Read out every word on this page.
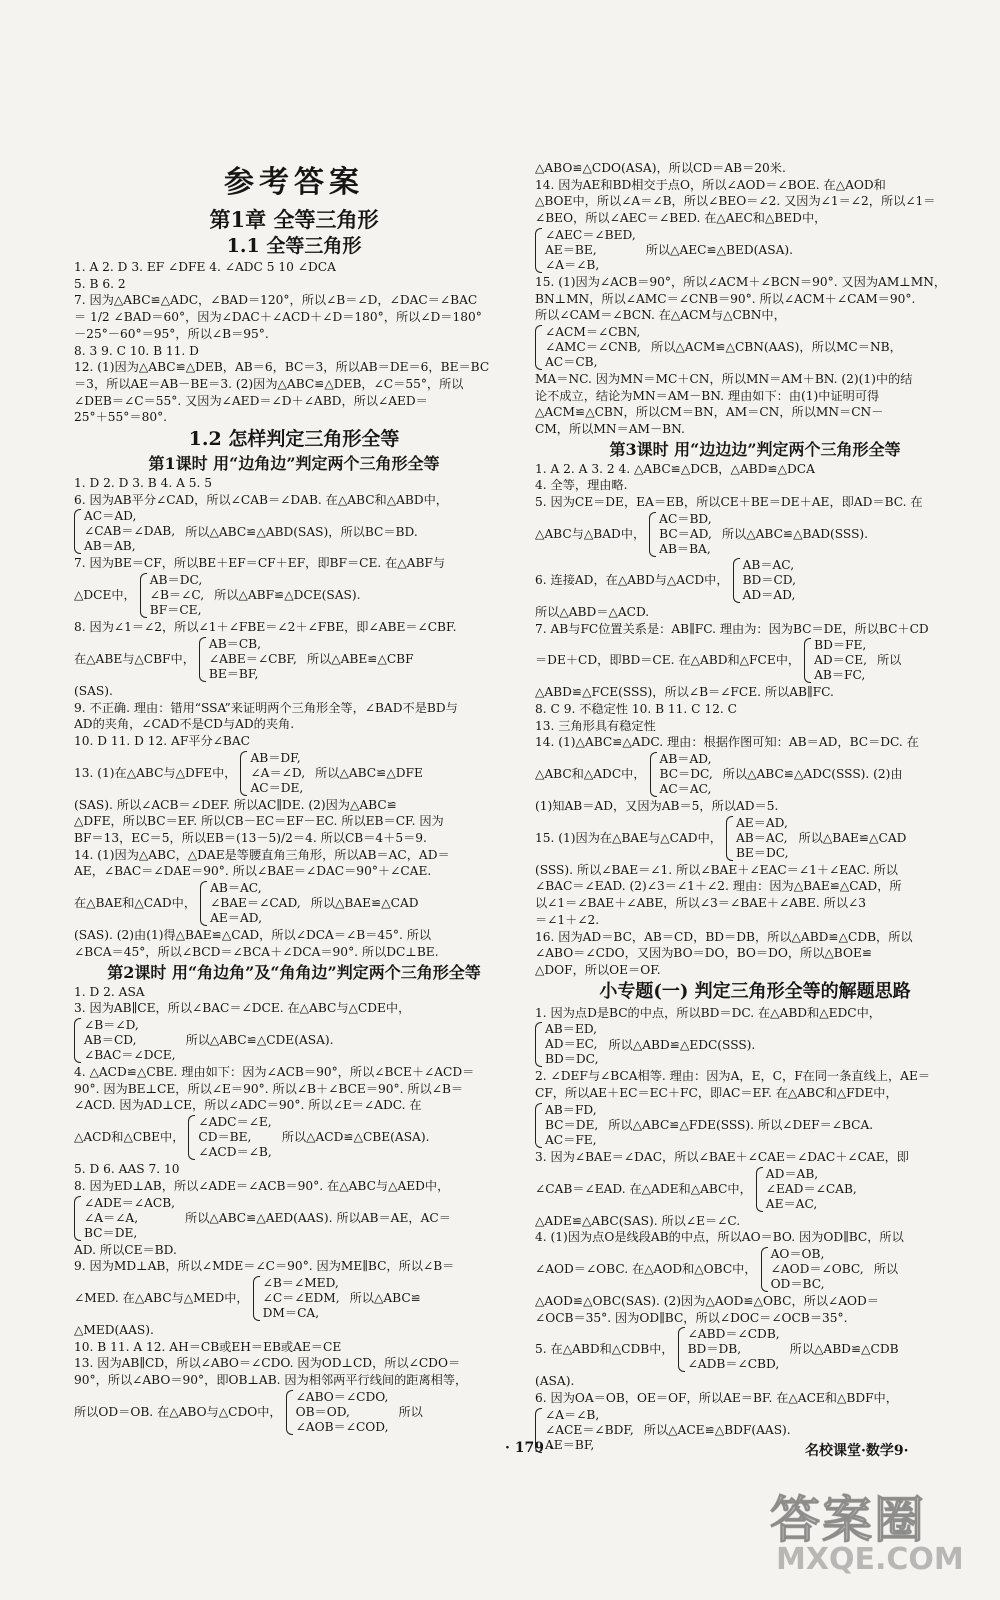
参考答案
第1章 全等三角形
1.1 全等三角形
1. A 2. D 3. EF ∠DFE 4. ∠ADC 5 10 ∠DCA
5. B 6. 2
7. 因为△ABC≌△ADC，∠BAD＝120°，所以∠B＝∠D，∠DAC＝∠BAC
＝ 1/2 ∠BAD＝60°，因为∠DAC＋∠ACD＋∠D＝180°，所以∠D＝180°
－25°－60°＝95°，所以∠B＝95°.
8. 3 9. C 10. B 11. D
12. (1)因为△ABC≌△DEB，AB＝6，BC＝3，所以AB＝DE＝6，BE＝BC
＝3，所以AE＝AB－BE＝3. (2)因为△ABC≌△DEB，∠C＝55°，所以
∠DEB＝∠C＝55°. 又因为∠AED＝∠D＋∠ABD，所以∠AED＝
25°＋55°＝80°.
1.2 怎样判定三角形全等
第1课时 用“边角边”判定两个三角形全等
1. D 2. D 3. B 4. A 5. 5
6. 因为AB平分∠CAD，所以∠CAB＝∠DAB. 在△ABC和△ABD中，
AC＝AD,
∠CAB＝∠DAB,
AB＝AB,
所以△ABC≌△ABD(SAS)，所以BC＝BD.
7. 因为BE＝CF，所以BE＋EF＝CF＋EF，即BF＝CE. 在△ABF与
△DCE中，
AB＝DC,
∠B＝∠C,
BF＝CE,
所以△ABF≌△DCE(SAS).
8. 因为∠1＝∠2，所以∠1＋∠FBE＝∠2＋∠FBE，即∠ABE＝∠CBF.
在△ABE与△CBF中，
AB＝CB,
∠ABE＝∠CBF,
BE＝BF,
所以△ABE≌△CBF
(SAS).
9. 不正确. 理由：错用“SSA”来证明两个三角形全等，∠BAD不是BD与
AD的夹角，∠CAD不是CD与AD的夹角.
10. D 11. D 12. AF平分∠BAC
13. (1)在△ABC与△DFE中，
AB＝DF,
∠A＝∠D,
AC＝DE,
所以△ABC≌△DFE
(SAS). 所以∠ACB＝∠DEF. 所以AC∥DE. (2)因为△ABC≌
△DFE，所以BC＝EF. 所以CB－EC＝EF－EC. 所以EB＝CF. 因为
BF＝13，EC＝5，所以EB＝(13－5)/2＝4. 所以CB＝4＋5＝9.
14. (1)因为△ABC，△DAE是等腰直角三角形，所以AB＝AC，AD＝
AE，∠BAC＝∠DAE＝90°. 所以∠BAE＝∠DAC＝90°＋∠CAE.
在△BAE和△CAD中，
AB＝AC,
∠BAE＝∠CAD,
AE＝AD,
所以△BAE≌△CAD
(SAS). (2)由(1)得△BAE≌△CAD，所以∠DCA＝∠B＝45°. 所以
∠BCA＝45°，所以∠BCD＝∠BCA＋∠DCA＝90°. 所以DC⊥BE.
第2课时 用“角边角”及“角角边”判定两个三角形全等
1. D 2. ASA
3. 因为AB∥CE，所以∠BAC＝∠DCE. 在△ABC与△CDE中，
∠B＝∠D,
AB＝CD,
∠BAC＝∠DCE,
所以△ABC≌△CDE(ASA).
4. △ACD≌△CBE. 理由如下：因为∠ACB＝90°，所以∠BCE＋∠ACD＝
90°. 因为BE⊥CE，所以∠E＝90°. 所以∠B＋∠BCE＝90°. 所以∠B＝
∠ACD. 因为AD⊥CE，所以∠ADC＝90°. 所以∠E＝∠ADC. 在
△ACD和△CBE中，
∠ADC＝∠E,
CD＝BE,
∠ACD＝∠B,
所以△ACD≌△CBE(ASA).
5. D 6. AAS 7. 10
8. 因为ED⊥AB，所以∠ADE＝∠ACB＝90°. 在△ABC与△AED中，
∠ADE＝∠ACB,
∠A＝∠A,
BC＝DE,
所以△ABC≌△AED(AAS). 所以AB＝AE，AC＝
AD. 所以CE＝BD.
9. 因为MD⊥AB，所以∠MDE＝∠C＝90°. 因为ME∥BC，所以∠B＝
∠MED. 在△ABC与△MED中，
∠B＝∠MED,
∠C＝∠EDM,
DM＝CA,
所以△ABC≌
△MED(AAS).
10. B 11. A 12. AH＝CB或EH＝EB或AE＝CE
13. 因为AB∥CD，所以∠ABO＝∠CDO. 因为OD⊥CD，所以∠CDO＝
90°，所以∠ABO＝90°，即OB⊥AB. 因为相邻两平行线间的距离相等，
所以OD＝OB. 在△ABO与△CDO中，
∠ABO＝∠CDO,
OB＝OD,
∠AOB＝∠COD,
所以
△ABO≌△CDO(ASA)，所以CD＝AB＝20米.
14. 因为AE和BD相交于点O，所以∠AOD＝∠BOE. 在△AOD和
△BOE中，所以∠A＝∠B，所以∠BEO＝∠2. 又因为∠1＝∠2，所以∠1＝
∠BEO，所以∠AEC＝∠BED. 在△AEC和△BED中，
∠AEC＝∠BED,
AE＝BE,
∠A＝∠B,
所以△AEC≌△BED(ASA).
15. (1)因为∠ACB＝90°，所以∠ACM＋∠BCN＝90°. 又因为AM⊥MN，
BN⊥MN，所以∠AMC＝∠CNB＝90°. 所以∠ACM＋∠CAM＝90°.
所以∠CAM＝∠BCN. 在△ACM与△CBN中，
∠ACM＝∠CBN,
∠AMC＝∠CNB,
AC＝CB,
所以△ACM≌△CBN(AAS)，所以MC＝NB，
MA＝NC. 因为MN＝MC＋CN，所以MN＝AM＋BN. (2)(1)中的结
论不成立，结论为MN＝AM－BN. 理由如下：由(1)中证明可得
△ACM≌△CBN，所以CM＝BN，AM＝CN，所以MN＝CN－
CM，所以MN＝AM－BN.
第3课时 用“边边边”判定两个三角形全等
1. A 2. A 3. 2 4. △ABC≌△DCB，△ABD≌△DCA
4. 全等，理由略.
5. 因为CE＝DE，EA＝EB，所以CE＋BE＝DE＋AE，即AD＝BC. 在
△ABC与△BAD中，
AC＝BD,
BC＝AD,
AB＝BA,
所以△ABC≌△BAD(SSS).
6. 连接AD，在△ABD与△ACD中，
AB＝AC,
BD＝CD,
AD＝AD,
所以△ABD＝△ACD.
7. AB与FC位置关系是：AB∥FC. 理由为：因为BC＝DE，所以BC＋CD
＝DE＋CD，即BD＝CE. 在△ABD和△FCE中，
BD＝FE,
AD＝CE,
AB＝FC,
所以
△ABD≌△FCE(SSS)，所以∠B＝∠FCE. 所以AB∥FC.
8. C 9. 不稳定性 10. B 11. C 12. C
13. 三角形具有稳定性
14. (1)△ABC≌△ADC. 理由：根据作图可知：AB＝AD，BC＝DC. 在
△ABC和△ADC中，
AB＝AD,
BC＝DC,
AC＝AC,
所以△ABC≌△ADC(SSS). (2)由
(1)知AB＝AD，又因为AB＝5，所以AD＝5.
15. (1)因为在△BAE与△CAD中，
AE＝AD,
AB＝AC,
BE＝DC,
所以△BAE≌△CAD
(SSS). 所以∠BAE＝∠1. 所以∠BAE＋∠EAC＝∠1＋∠EAC. 所以
∠BAC＝∠EAD. (2)∠3＝∠1＋∠2. 理由：因为△BAE≌△CAD，所
以∠1＝∠BAE＋∠ABE，所以∠3＝∠BAE＋∠ABE. 所以∠3
＝∠1＋∠2.
16. 因为AD＝BC，AB＝CD，BD＝DB，所以△ABD≌△CDB，所以
∠ABO＝∠CDO，又因为BO＝DO，BO＝DO，所以△BOE≌
△DOF，所以OE＝OF.
小专题(一) 判定三角形全等的解题思路
1. 因为点D是BC的中点，所以BD＝DC. 在△ABD和△EDC中，
AB＝ED,
AD＝EC,
BD＝DC,
所以△ABD≌△EDC(SSS).
2. ∠DEF与∠BCA相等. 理由：因为A，E，C，F在同一条直线上，AE＝
CF，所以AE＋EC＝EC＋FC，即AC＝EF. 在△ABC和△FDE中，
AB＝FD,
BC＝DE,
AC＝FE,
所以△ABC≌△FDE(SSS). 所以∠DEF＝∠BCA.
3. 因为∠BAE＝∠DAC，所以∠BAE＋∠CAE＝∠DAC＋∠CAE，即
∠CAB＝∠EAD. 在△ADE和△ABC中，
AD＝AB,
∠EAD＝∠CAB,
AE＝AC,
△ADE≌△ABC(SAS). 所以∠E＝∠C.
4. (1)因为点O是线段AB的中点，所以AO＝BO. 因为OD∥BC，所以
∠AOD＝∠OBC. 在△AOD和△OBC中，
AO＝OB,
∠AOD＝∠OBC,
OD＝BC,
所以
△AOD≌△OBC(SAS). (2)因为△AOD≌△OBC，所以∠AOD＝
∠OCB＝35°. 因为OD∥BC，所以∠DOC＝∠OCB＝35°.
5. 在△ABD和△CDB中，
∠ABD＝∠CDB,
BD＝DB,
∠ADB＝∠CBD,
所以△ABD≌△CDB
(ASA).
6. 因为OA＝OB，OE＝OF，所以AE＝BF. 在△ACE和△BDF中，
∠A＝∠B,
∠ACE＝∠BDF,
AE＝BF,
所以△ACE≌△BDF(AAS).
· 179 ·	名校课堂·数学9·
答案圈
MXQE.COM
